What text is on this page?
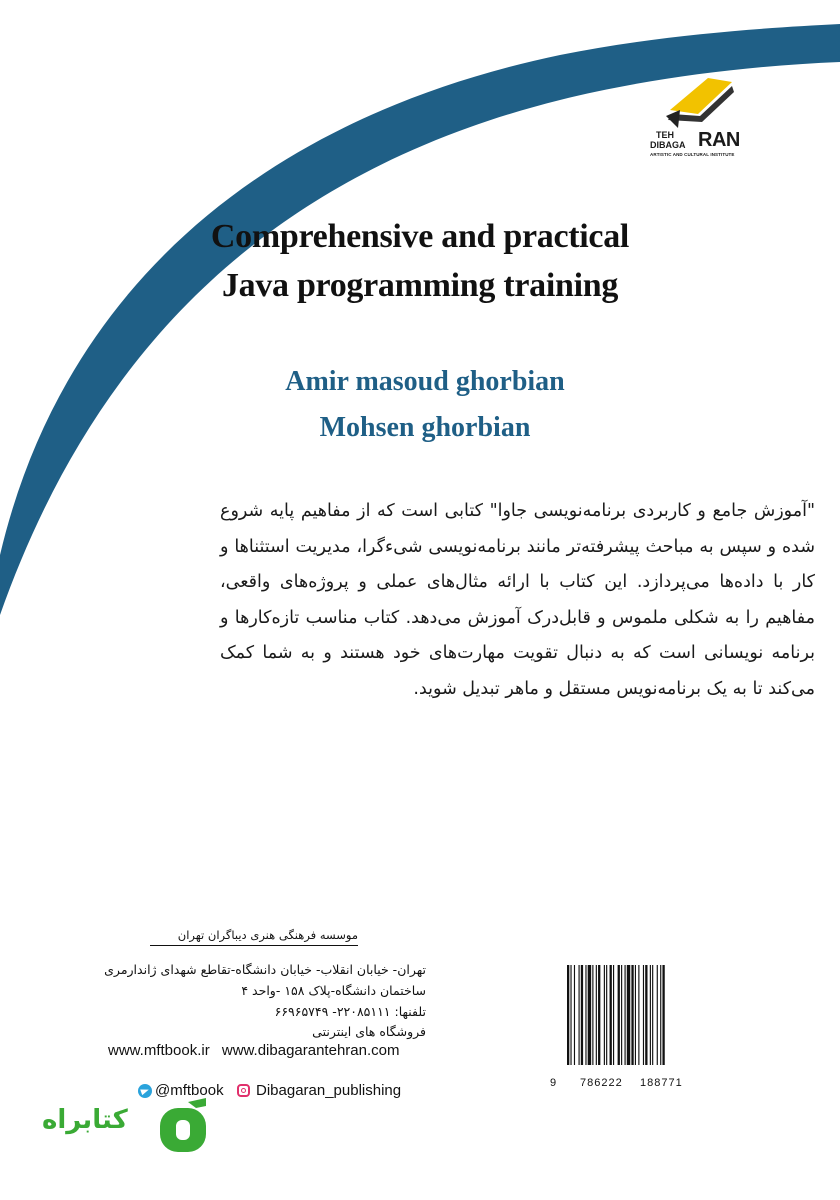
TEH
DIBAGA RAN
ARTISTIC AND CULTURAL INSTITUTE
Comprehensive and practical
Java programming training
Amir masoud ghorbian
Mohsen ghorbian

"آموزش جامع و کاربردی برنامه‌نویسی جاوا" کتابی است که از مفاهیم پایه شروع شده و سپس به مباحث پیشرفته‌تر مانند برنامه‌نویسی شیءگرا، مدیریت استثناها و کار با داده‌ها می‌پردازد. این کتاب با ارائه مثال‌های عملی و پروژه‌های واقعی، مفاهیم را به شکلی ملموس و قابل‌درک آموزش می‌دهد. کتاب مناسب تازه‌کارها و برنامه نویسانی است که به دنبال تقویت مهارت‌های خود هستند و به شما کمک می‌کند تا به یک برنامه‌نویس مستقل و ماهر تبدیل شوید.

موسسه فرهنگی هنری دیباگران تهران
تهران- خیابان انقلاب- خیابان دانشگاه-تقاطع شهدای ژاندارمری
ساختمان دانشگاه-پلاک ۱۵۸ -واحد ۴
تلفنها: ۲۲۰۸۵۱۱۱- ۶۶۹۶۵۷۴۹
فروشگاه های اینترنتی
www.mftbook.ir www.dibagarantehran.com
@mftbook Dibagaran_publishing	9 786222 188771
کتابراه
